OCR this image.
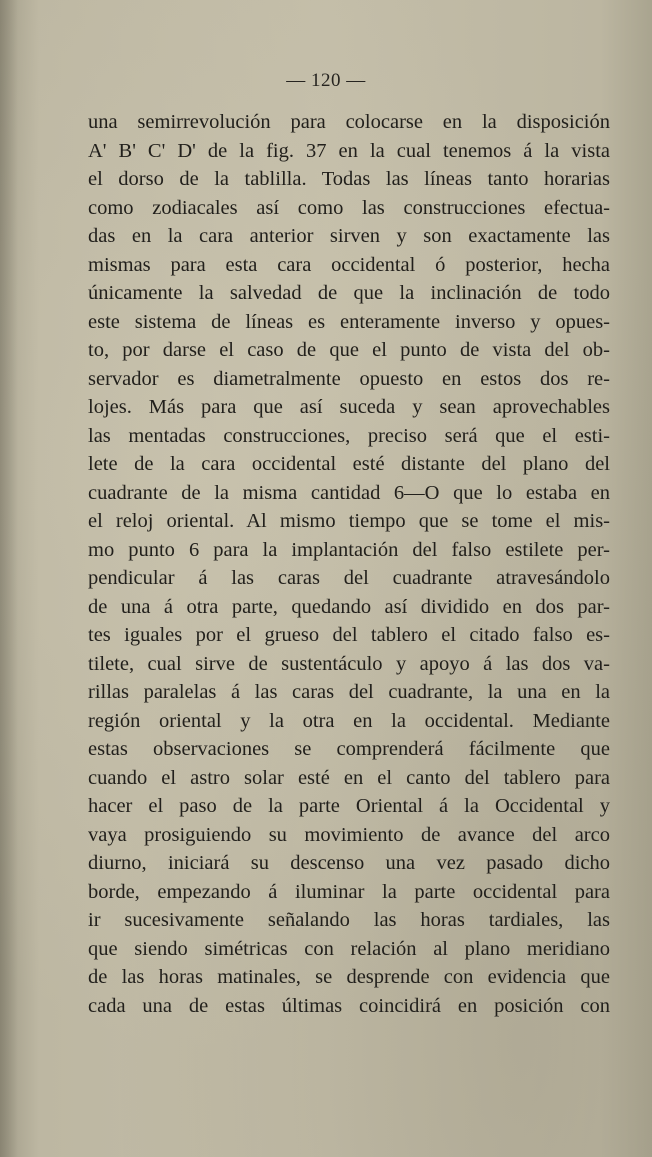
— 120 —
una semirrevolución para colocarse en la disposición
A' B' C' D' de la fig. 37 en la cual tenemos á la vista
el dorso de la tablilla. Todas las líneas tanto horarias
como zodiacales así como las construcciones efectua-
das en la cara anterior sirven y son exactamente las
mismas para esta cara occidental ó posterior, hecha
únicamente la salvedad de que la inclinación de todo
este sistema de líneas es enteramente inverso y opues-
to, por darse el caso de que el punto de vista del ob-
servador es diametralmente opuesto en estos dos re-
lojes. Más para que así suceda y sean aprovechables
las mentadas construcciones, preciso será que el esti-
lete de la cara occidental esté distante del plano del
cuadrante de la misma cantidad 6—O que lo estaba en
el reloj oriental. Al mismo tiempo que se tome el mis-
mo punto 6 para la implantación del falso estilete per-
pendicular á las caras del cuadrante atravesándolo
de una á otra parte, quedando así dividido en dos par-
tes iguales por el grueso del tablero el citado falso es-
tilete, cual sirve de sustentáculo y apoyo á las dos va-
rillas paralelas á las caras del cuadrante, la una en la
región oriental y la otra en la occidental. Mediante
estas observaciones se comprenderá fácilmente que
cuando el astro solar esté en el canto del tablero para
hacer el paso de la parte Oriental á la Occidental y
vaya prosiguiendo su movimiento de avance del arco
diurno, iniciará su descenso una vez pasado dicho
borde, empezando á iluminar la parte occidental para
ir sucesivamente señalando las horas tardiales, las
que siendo simétricas con relación al plano meridiano
de las horas matinales, se desprende con evidencia que
cada una de estas últimas coincidirá en posición con
